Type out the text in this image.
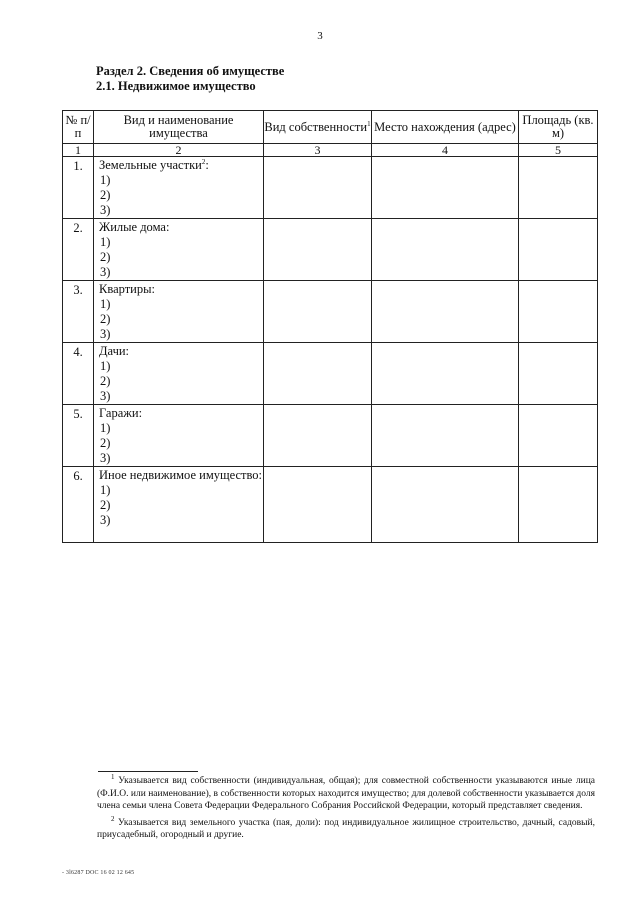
3
Раздел 2. Сведения об имуществе
2.1. Недвижимое имущество
№ п/п	Вид и наименование имущества	Вид собственности$^1$	Место нахождения (адрес)	Площадь (кв. м)
1	2	3	4	5
1.	Земельные участки$^2$:
1)
2)
3)			

2.	Жилые дома:
1)
2)
3)			

3.	Квартиры:
1)
2)
3)			

4.	Дачи:
1)
2)
3)			

5.	Гаражи:
1)
2)
3)			

6.	Иное недвижимое имущество:
1)
2)
3)			

$^1$ Указывается вид собственности (индивидуальная, общая); для совместной собственности указываются иные лица (Ф.И.О. или наименование), в собственности которых находится имущество; для долевой собственности указывается доля члена семьи члена Совета Федерации Федерального Собрания Российской Федерации, который представляет сведения.

$^2$ Указывается вид земельного участка (пая, доли): под индивидуальное жилищное строительство, дачный, садовый, приусадебный, огородный и другие.

- 3l6287 DOC 16 02 12 645
